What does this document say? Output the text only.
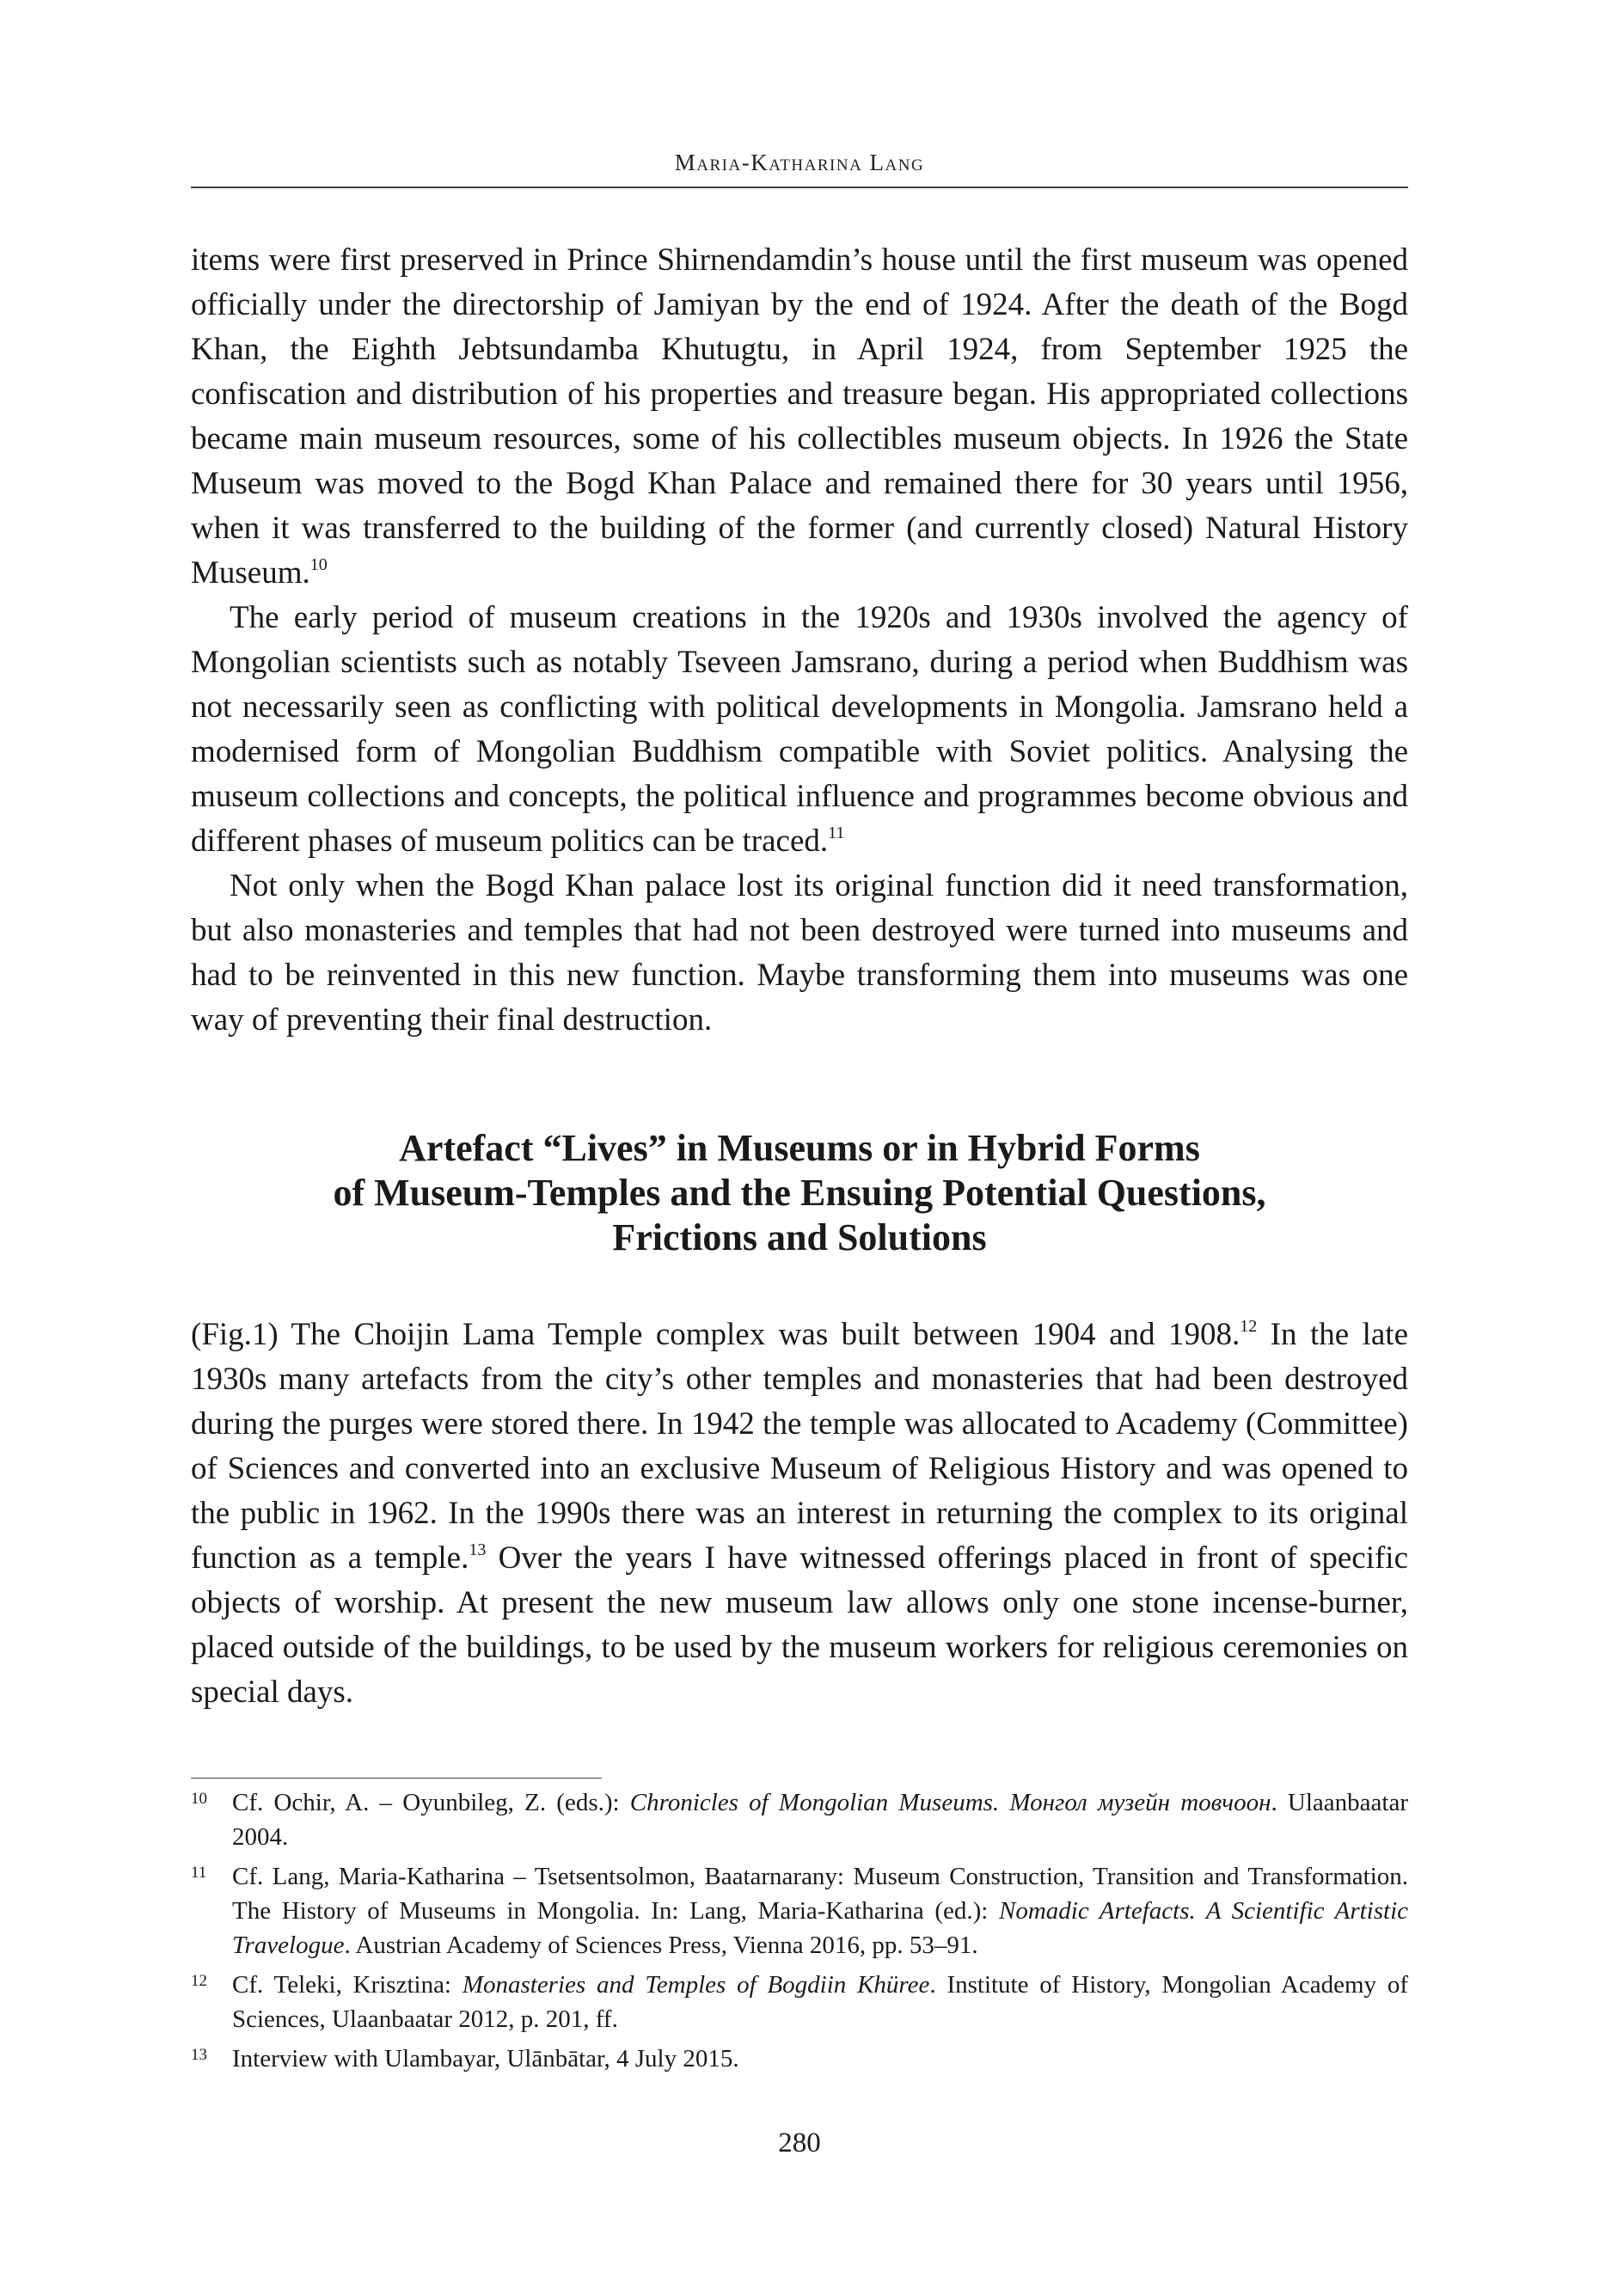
Maria-Katharina Lang

items were first preserved in Prince Shirnendamdin’s house until the first museum was opened officially under the directorship of Jamiyan by the end of 1924. After the death of the Bogd Khan, the Eighth Jebtsundamba Khutugtu, in April 1924, from September 1925 the confiscation and distribution of his properties and treasure began. His appropriated collections became main museum resources, some of his collectibles museum objects. In 1926 the State Museum was moved to the Bogd Khan Palace and remained there for 30 years until 1956, when it was transferred to the building of the former (and currently closed) Natural History Museum.$^{10}$

The early period of museum creations in the 1920s and 1930s involved the agency of Mongolian scientists such as notably Tseveen Jamsrano, during a period when Buddhism was not necessarily seen as conflicting with political developments in Mongolia. Jamsrano held a modernised form of Mongolian Buddhism compatible with Soviet politics. Analysing the museum collections and concepts, the political influence and programmes become obvious and different phases of museum politics can be traced.$^{11}$

Not only when the Bogd Khan palace lost its original function did it need transformation, but also monasteries and temples that had not been destroyed were turned into museums and had to be reinvented in this new function. Maybe transforming them into museums was one way of preventing their final destruction.

Artefact “Lives” in Museums or in Hybrid Forms
of Museum-Temples and the Ensuing Potential Questions,
Frictions and Solutions

(Fig.1) The Choijin Lama Temple complex was built between 1904 and 1908.12 In the late 1930s many artefacts from the city’s other temples and monasteries that had been destroyed during the purges were stored there. In 1942 the temple was allocated to Academy (Committee) of Sciences and converted into an exclusive Museum of Religious History and was opened to the public in 1962. In the 1990s there was an interest in returning the complex to its original function as a temple.$^{13}$ Over the years I have witnessed offerings placed in front of specific objects of worship. At present the new museum law allows only one stone incense-burner, placed outside of the buildings, to be used by the museum workers for religious ceremonies on special days.

10 Cf. Ochir, A. – Oyunbileg, Z. (eds.): Chronicles of Mongolian Museums. Монгол музейн товчоон. Ulaanbaatar 2004.
11 Cf. Lang, Maria-Katharina – Tsetsentsolmon, Baatarnarany: Museum Construction, Transition and Transformation. The History of Museums in Mongolia. In: Lang, Maria-Katharina (ed.): Nomadic Artefacts. A Scientific Artistic Travelogue. Austrian Academy of Sciences Press, Vienna 2016, pp. 53–91.
12 Cf. Teleki, Krisztina: Monasteries and Temples of Bogdiin Khüree. Institute of History, Mongolian Academy of Sciences, Ulaanbaatar 2012, p. 201, ff.
13 Interview with Ulambayar, Ulānbātar, 4 July 2015.
280
